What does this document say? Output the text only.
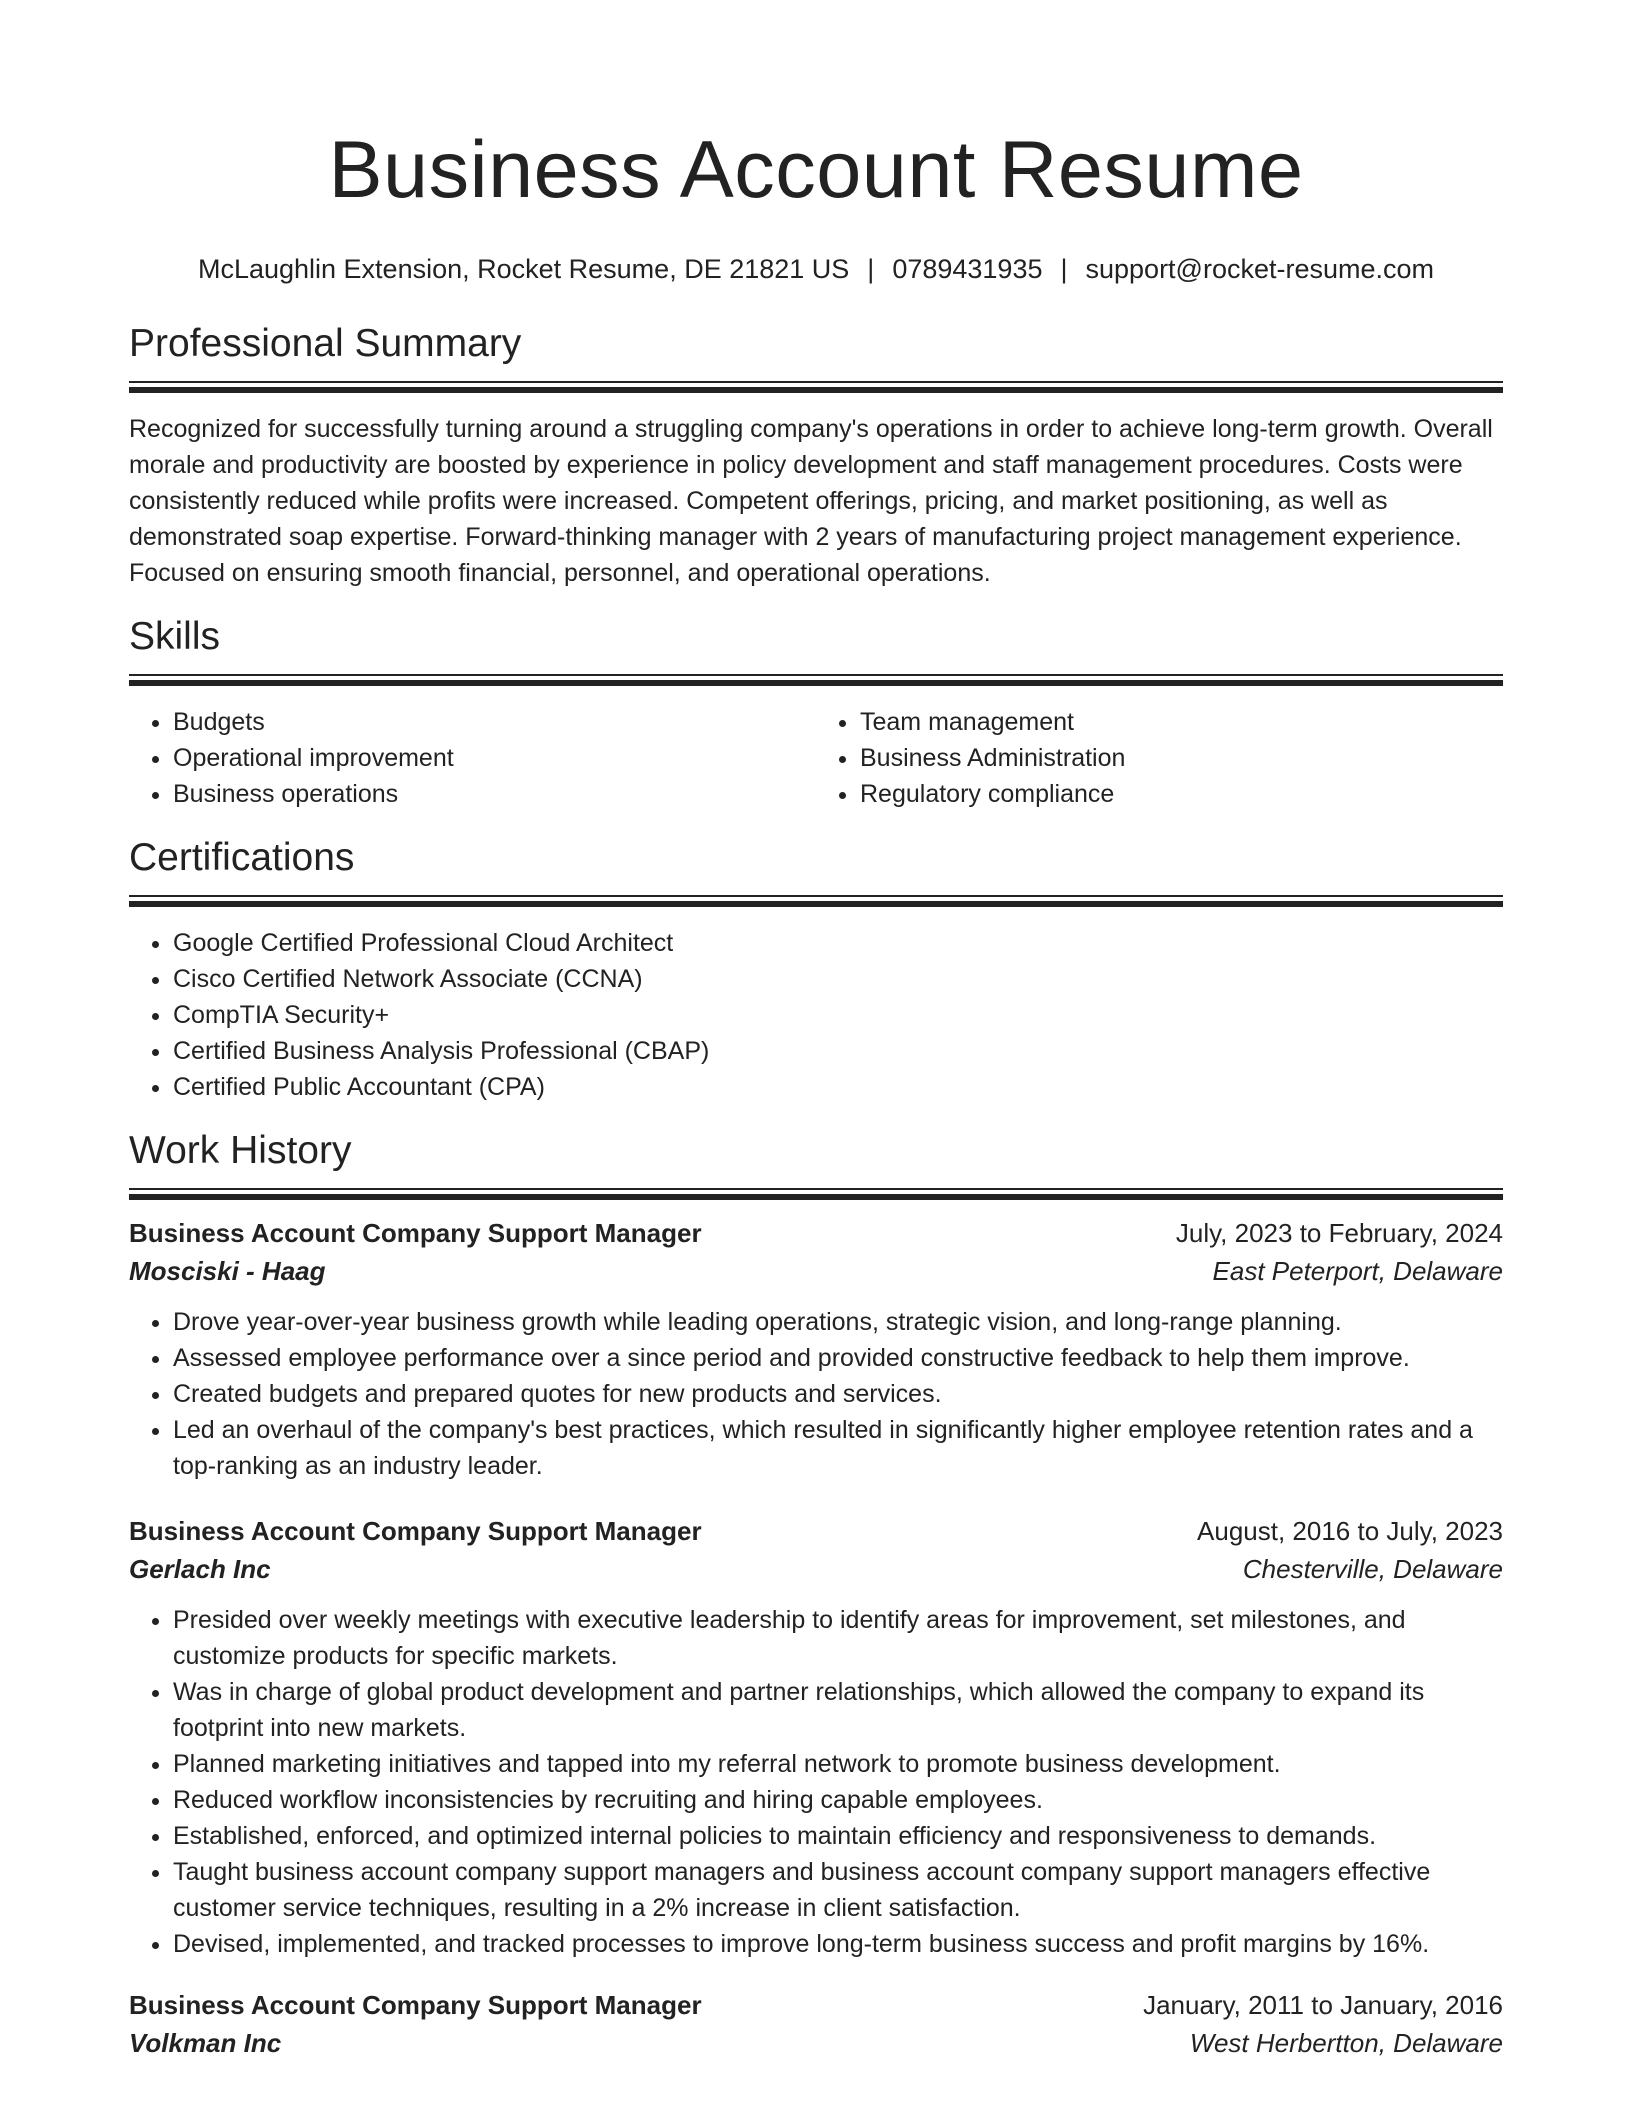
Business Account Resume
McLaughlin Extension, Rocket Resume, DE 21821 US | 0789431935 | support@rocket-resume.com
Professional Summary

Recognized for successfully turning around a struggling company's operations in order to achieve long-term growth. Overall morale and productivity are boosted by experience in policy development and staff management procedures. Costs were consistently reduced while profits were increased. Competent offerings, pricing, and market positioning, as well as demonstrated soap expertise. Forward-thinking manager with 2 years of manufacturing project management experience. Focused on ensuring smooth financial, personnel, and operational operations.

Skills
• Budgets
• Operational improvement
• Business operations
• Team management
• Business Administration
• Regulatory compliance
Certifications
• Google Certified Professional Cloud Architect
• Cisco Certified Network Associate (CCNA)
• CompTIA Security+
• Certified Business Analysis Professional (CBAP)
• Certified Public Accountant (CPA)
Work History
Business Account Company Support Manager	July, 2023 to February, 2024
Mosciski - Haag	East Peterport, Delaware
• Drove year-over-year business growth while leading operations, strategic vision, and long-range planning.
• Assessed employee performance over a since period and provided constructive feedback to help them improve.
• Created budgets and prepared quotes for new products and services.
• Led an overhaul of the company's best practices, which resulted in significantly higher employee retention rates and a top-ranking as an industry leader.
Business Account Company Support Manager	August, 2016 to July, 2023
Gerlach Inc	Chesterville, Delaware
• Presided over weekly meetings with executive leadership to identify areas for improvement, set milestones, and customize products for specific markets.
• Was in charge of global product development and partner relationships, which allowed the company to expand its footprint into new markets.
• Planned marketing initiatives and tapped into my referral network to promote business development.
• Reduced workflow inconsistencies by recruiting and hiring capable employees.
• Established, enforced, and optimized internal policies to maintain efficiency and responsiveness to demands.
• Taught business account company support managers and business account company support managers effective customer service techniques, resulting in a 2% increase in client satisfaction.
• Devised, implemented, and tracked processes to improve long-term business success and profit margins by 16%.
Business Account Company Support Manager	January, 2011 to January, 2016
Volkman Inc	West Herbertton, Delaware
